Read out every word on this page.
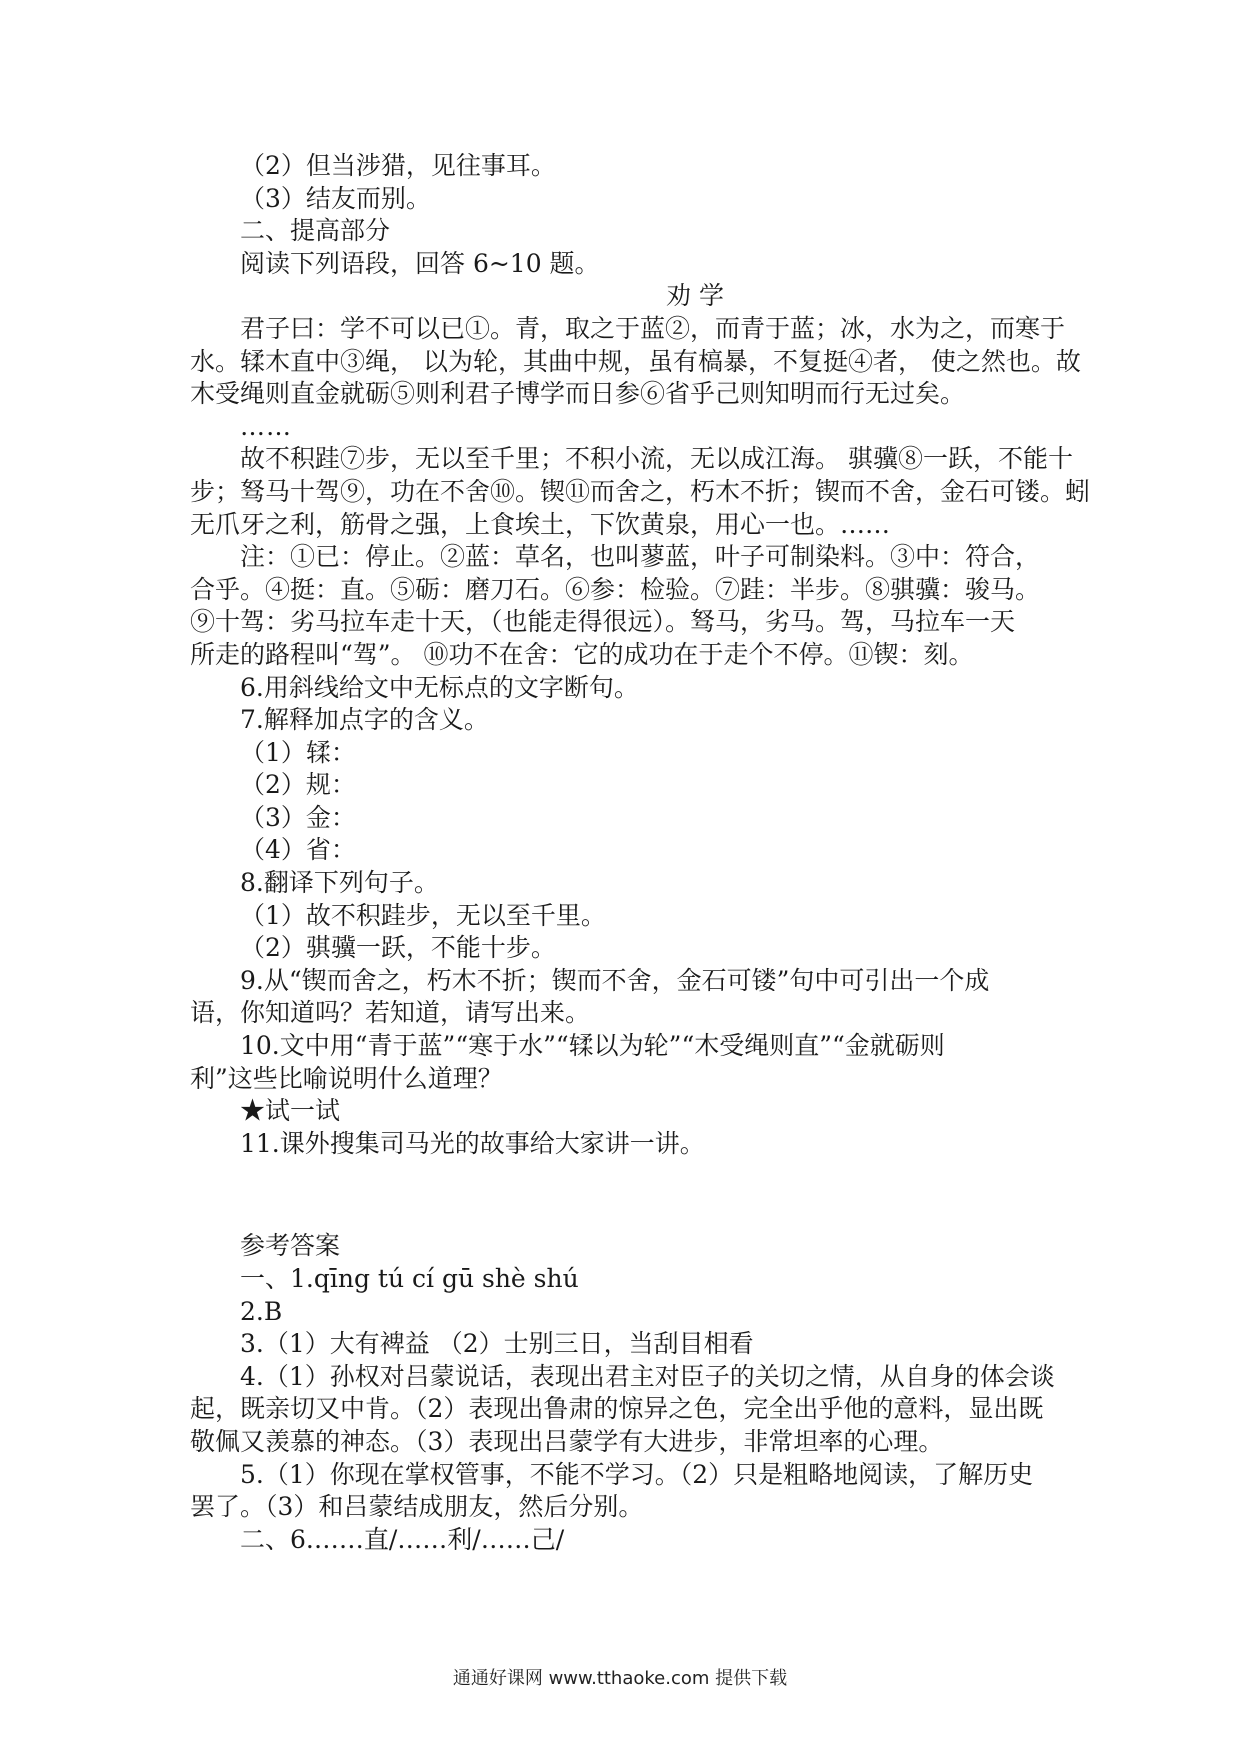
（2）但当涉猎，见往事耳。
（3）结友而别。
二、提高部分
阅读下列语段，回答 6~10 题。
劝 学
君子曰：学不可以已①。青，取之于蓝②，而青于蓝；冰，水为之，而寒于
水。𫐓木直中③绳， 以为轮，其曲中规，虽有槁暴，不复挺④者， 使之然也。故
木受绳则直金就砺⑤则利君子博学而日参⑥省乎己则知明而行无过矣。
……
故不积跬⑦步，无以至千里；不积小流，无以成江海。 骐骥⑧一跃，不能十
步；驽马十驾⑨，功在不舍⑩。锲⑪而舍之，朽木不折；锲而不舍，金石可镂。蚓
无爪牙之利，筋骨之强，上食埃土，下饮黄泉，用心一也。……
注：①已：停止。②蓝：草名，也叫蓼蓝，叶子可制染料。③中：符合，
合乎。④挺：直。⑤砺：磨刀石。⑥参：检验。⑦跬：半步。⑧骐骥：骏马。
⑨十驾：劣马拉车走十天，（也能走得很远）。驽马，劣马。驾，马拉车一天
所走的路程叫“驾”。 ⑩功不在舍：它的成功在于走个不停。⑪锲：刻。
6.用斜线给文中无标点的文字断句。
7.解释加点字的含义。
（1）𫐓：
（2）规：
（3）金：
（4）省：
8.翻译下列句子。
（1）故不积跬步，无以至千里。
（2）骐骥一跃，不能十步。
9.从“锲而舍之，朽木不折；锲而不舍，金石可镂”句中可引出一个成
语，你知道吗？若知道，请写出来。
10.文中用“青于蓝”“寒于水”“𫐓以为轮”“木受绳则直”“金就砺则
利”这些比喻说明什么道理？
★试一试
11.课外搜集司马光的故事给大家讲一讲。
参考答案
一、1.qīng tú cí gū shè shú
2.B
3.（1）大有裨益 （2）士别三日，当刮目相看
4.（1）孙权对吕蒙说话，表现出君主对臣子的关切之情，从自身的体会谈
起，既亲切又中肯。（2）表现出鲁肃的惊异之色，完全出乎他的意料，显出既
敬佩又羡慕的神态。（3）表现出吕蒙学有大进步，非常坦率的心理。
5.（1）你现在掌权管事，不能不学习。（2）只是粗略地阅读，了解历史
罢了。（3）和吕蒙结成朋友，然后分别。
二、6.……直/……利/……己/
通通好课网 www.tthaoke.com 提供下载
